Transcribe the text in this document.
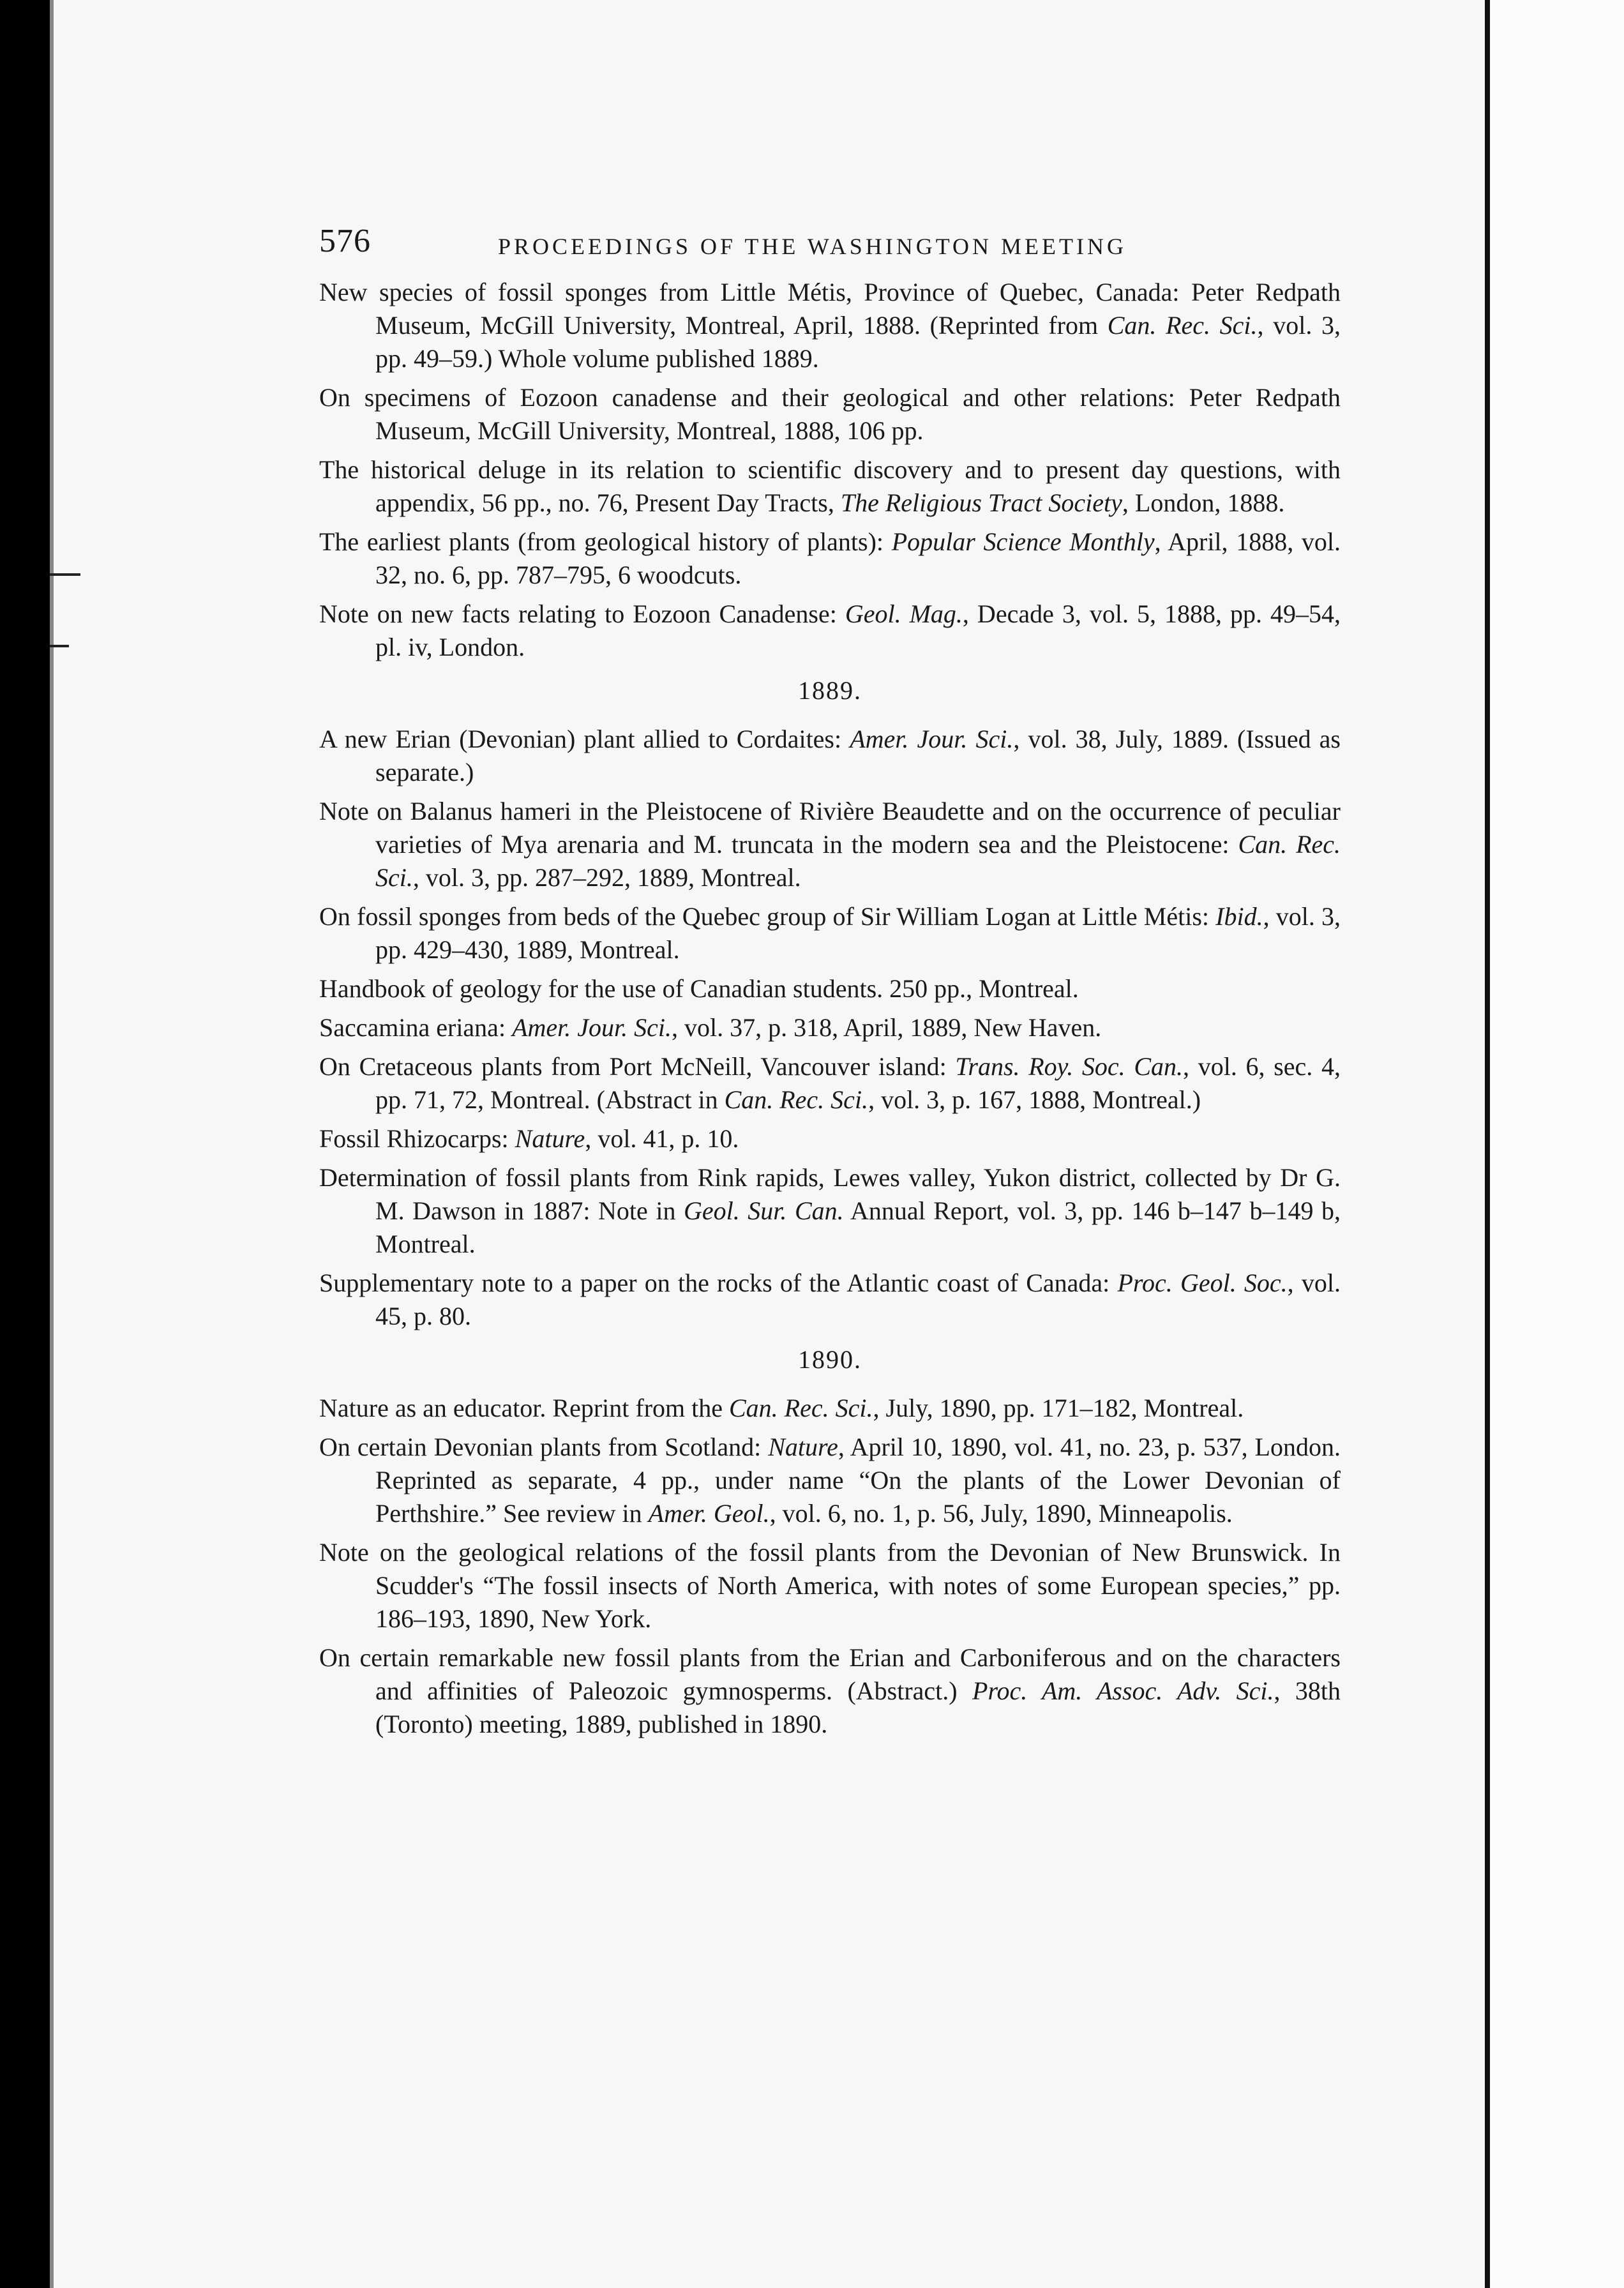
576	PROCEEDINGS OF THE WASHINGTON MEETING

New species of fossil sponges from Little Métis, Province of Quebec, Canada: Peter Redpath Museum, McGill University, Montreal, April, 1888. (Reprinted from Can. Rec. Sci., vol. 3, pp. 49–59.) Whole volume published 1889.

On specimens of Eozoon canadense and their geological and other relations: Peter Redpath Museum, McGill University, Montreal, 1888, 106 pp.

The historical deluge in its relation to scientific discovery and to present day questions, with appendix, 56 pp., no. 76, Present Day Tracts, The Religious Tract Society, London, 1888.

The earliest plants (from geological history of plants): Popular Science Monthly, April, 1888, vol. 32, no. 6, pp. 787–795, 6 woodcuts.

Note on new facts relating to Eozoon Canadense: Geol. Mag., Decade 3, vol. 5, 1888, pp. 49–54, pl. iv, London.

1889.

A new Erian (Devonian) plant allied to Cordaites: Amer. Jour. Sci., vol. 38, July, 1889. (Issued as separate.)

Note on Balanus hameri in the Pleistocene of Rivière Beaudette and on the occurrence of peculiar varieties of Mya arenaria and M. truncata in the modern sea and the Pleistocene: Can. Rec. Sci., vol. 3, pp. 287–292, 1889, Montreal.

On fossil sponges from beds of the Quebec group of Sir William Logan at Little Métis: Ibid., vol. 3, pp. 429–430, 1889, Montreal.

Handbook of geology for the use of Canadian students. 250 pp., Montreal.

Saccamina eriana: Amer. Jour. Sci., vol. 37, p. 318, April, 1889, New Haven.

On Cretaceous plants from Port McNeill, Vancouver island: Trans. Roy. Soc. Can., vol. 6, sec. 4, pp. 71, 72, Montreal. (Abstract in Can. Rec. Sci., vol. 3, p. 167, 1888, Montreal.)

Fossil Rhizocarps: Nature, vol. 41, p. 10.

Determination of fossil plants from Rink rapids, Lewes valley, Yukon district, collected by Dr G. M. Dawson in 1887: Note in Geol. Sur. Can. Annual Report, vol. 3, pp. 146 b–147 b–149 b, Montreal.

Supplementary note to a paper on the rocks of the Atlantic coast of Canada: Proc. Geol. Soc., vol. 45, p. 80.

1890.

Nature as an educator. Reprint from the Can. Rec. Sci., July, 1890, pp. 171–182, Montreal.

On certain Devonian plants from Scotland: Nature, April 10, 1890, vol. 41, no. 23, p. 537, London. Reprinted as separate, 4 pp., under name “On the plants of the Lower Devonian of Perthshire.” See review in Amer. Geol., vol. 6, no. 1, p. 56, July, 1890, Minneapolis.

Note on the geological relations of the fossil plants from the Devonian of New Brunswick. In Scudder's “The fossil insects of North America, with notes of some European species,” pp. 186–193, 1890, New York.

On certain remarkable new fossil plants from the Erian and Carboniferous and on the characters and affinities of Paleozoic gymnosperms. (Abstract.) Proc. Am. Assoc. Adv. Sci., 38th (Toronto) meeting, 1889, published in 1890.
